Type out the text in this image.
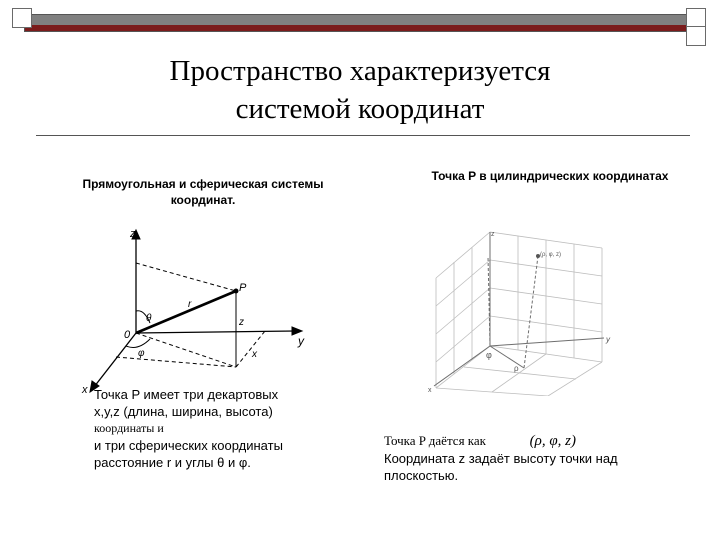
Пространство характеризуется
системой координат
Прямоугольная и сферическая системы
координат.
z
y
x
0
P
r
θ
φ
z
x
Точка P имеет три декартовых
x,y,z (длина, ширина, высота)
координаты и
и три сферических координаты
расстояние r и углы θ и φ.
Точка P в цилиндрических координатах
z
y
x
(ρ, φ, z)
φ
ρ
Точка P даётся как	(ρ, φ, z)
Координата z задаёт высоту точки над
плоскостью.
